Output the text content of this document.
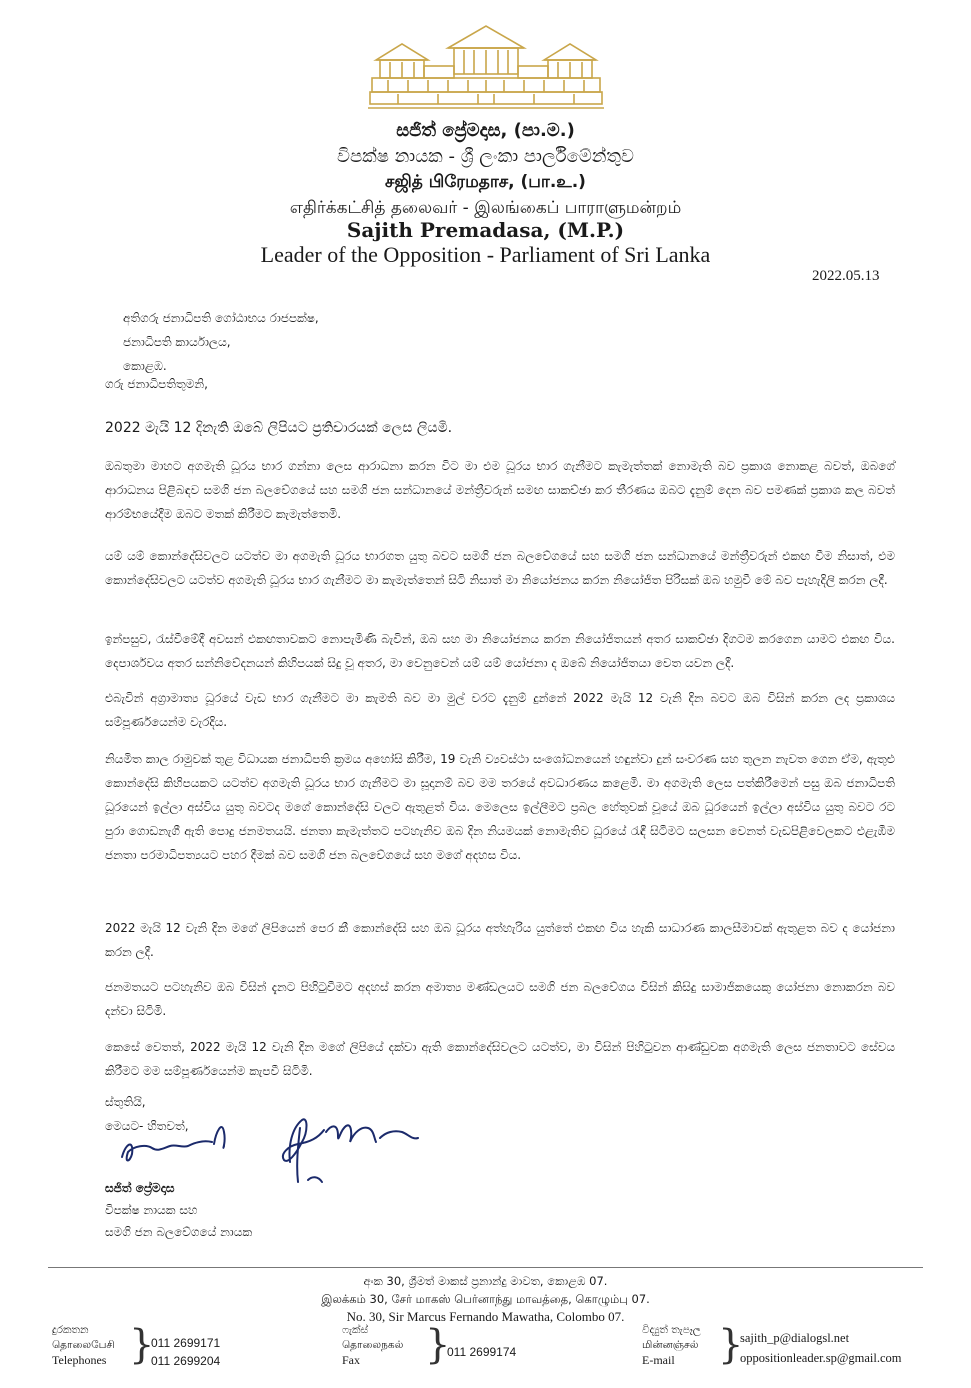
සජිත් ප්‍රේමදාස, (පා.ම.)
විපක්ෂ නායක - ශ්‍රී ලංකා පාර්ලිමේන්තුව
சஜித் பிரேமதாச, (பா.உ.)
எதிர்க்கட்சித் தலைவர் - இலங்கைப் பாராளுமன்றம்
Sajith Premadasa, (M.P.)
Leader of the Opposition - Parliament of Sri Lanka
2022.05.13
අතිගරු ජනාධිපති ගෝඨාභය රාජපක්ෂ,
ජනාධිපති කාර්යාලය,
කොළඹ.
ගරු ජනාධිපතිතුමනි,
2022 මැයි 12 දිනැති ඔබේ ලිපියට ප්‍රතිචාරයක් ලෙස ලියමි.
ඔබතුමා මාහට අගමැති ධූරය භාර ගන්නා ලෙස ආරාධනා කරන විට මා එම ධූරය භාර ගැනීමට කැමැත්තක් නොමැති බව ප්‍රකාශ නොකළ බවත්, ඔබගේ ආරාධනය පිළිබඳව සමගි ජන බලවේගයේ සහ සමගි ජන සන්ධානයේ මන්ත්‍රීවරුන් සමඟ සාකච්ඡා කර තීරණය ඔබට දැනුම් දෙන බව පමණක් ප්‍රකාශ කල බවත් ආරම්භයේදීම ඔබට මතක් කිරීමට කැමැත්තෙමි.
යම් යම් කොන්දේසිවලට යටත්ව මා අගමැති ධූරය භාරගත යුතු බවට සමගි ජන බලවේගයේ සහ සමගි ජන සන්ධානයේ මන්ත්‍රීවරුන් එකඟ වීම නිසාත්, එම කොන්දේසිවලට යටත්ව අගමැති ධූරය භාර ගැනීමට මා කැමැත්තෙන් සිටි නිසාත් මා නියෝජනය කරන නියෝජිත පිරිසක් ඔබ හමුවී මේ බව පැහැදිලි කරන ලදී.
ඉන්පසුව, රැස්වීමේදී අවසන් එකඟතාවකට නොපැමිණි බැවින්, ඔබ සහ මා නියෝජනය කරන නියෝජිතයන් අතර සාකච්ඡා දිගටම කරගෙන යාමට එකඟ විය. දෙපාර්ශවය අතර සන්නිවේදනයන් කිහිපයක් සිදු වූ අතර, මා වෙනුවෙන් යම් යම් යෝජනා ද ඔබේ නියෝජිතයා වෙත යවන ලදී.
එබැවින් අග්‍රාමාත්‍ය ධූරයේ වැඩ භාර ගැනීමට මා කැමති බව මා මුල් වරට දැනුම් දුන්නේ 2022 මැයි 12 වැනි දින බවට ඔබ විසින් කරන ලද ප්‍රකාශය සම්පූර්ණයෙන්ම වැරදිය.
නියමිත කාල රාමුවක් තුළ විධායක ජනාධිපති ක්‍රමය අහෝසි කිරීම, 19 වැනි ව්‍යවස්ථා සංශෝධනයෙන් හඳුන්වා දුන් සංවරණ සහ තුලන නැවත ගෙන ඒම, ඇතුළු කොන්දේසි කිහිපයකට යටත්ව අගමැති ධූරය භාර ගැනීමට මා සූදානම් බව මම තරයේ අවධාරණය කළෙමි. මා අගමැති ලෙස පත්කිරීමෙන් පසු ඔබ ජනාධිපති ධූරයෙන් ඉල්ලා අස්විය යුතු බවටද මගේ කොන්දේසි වලට ඇතුළත් විය. මෙලෙස ඉල්ලීමට ප්‍රබල හේතුවක් වූයේ ඔබ ධූරයෙන් ඉල්ලා අස්විය යුතු බවට රට පුරා ගොඩනැගී ඇති පොදු ජනමතයයි. ජනතා කැමැත්තට පටහැනිව ඔබ දින නියමයක් නොමැතිව ධූරයේ රැඳී සිටීමට සලසන වෙනත් වැඩපිළිවෙලකට එළැඹීම ජනතා පරමාධිපත්‍යයට පහර දීමක් බව සමගි ජන බලවේගයේ සහ මගේ අදහස විය.
2022 මැයි 12 වැනි දින මගේ ලිපියෙන් පෙර කී කොන්දේසි සහ ඔබ ධූරය අත්හැරිය යුත්තේ එකඟ විය හැකි සාධාරණ කාලසීමාවක් ඇතුළත බව ද යෝජනා කරන ලදී.
ජනමතයට පටහැනිව ඔබ විසින් දැනට පිහිටුවීමට අදහස් කරන අමාත්‍ය මණ්ඩලයට සමගි ජන බලවේගය විසින් කිසිදු සාමාජිකයෙකු යෝජනා නොකරන බව දන්වා සිටිමි.
කෙසේ වෙතත්, 2022 මැයි 12 වැනි දින මගේ ලිපියේ දක්වා ඇති කොන්දේසිවලට යටත්ව, මා විසින් පිහිටුවන ආණ්ඩුවක අගමැති ලෙස ජනතාවට සේවය කිරීමට මම සම්පූර්ණයෙන්ම කැපවී සිටිමි.
ස්තුතියි,
මෙයට- හිතවත්,
සජිත් ප්‍රේමදාස
විපක්ෂ නායක සහ
සමගි ජන බලවේගයේ නායක
අංක 30, ශ්‍රීමත් මාකස් ප්‍රනාන්දු මාවත, කොළඹ 07.
இலக்கம் 30, சேர் மாகஸ் பெர்னாந்து மாவத்தை, கொழும்பு 07.
No. 30, Sir Marcus Fernando Mawatha, Colombo 07.
දුරකතන
தொலைபேசி
Telephones }
011 2699171
011 2699204
ෆැක්ස්
தொலைநகல்
Fax	}
011 2699174
විද්‍යුත් තැපෑල
மின்னஞ்சல்
E-mail	}
sajith_p@dialogsl.net
oppositionleader.sp@gmail.com
